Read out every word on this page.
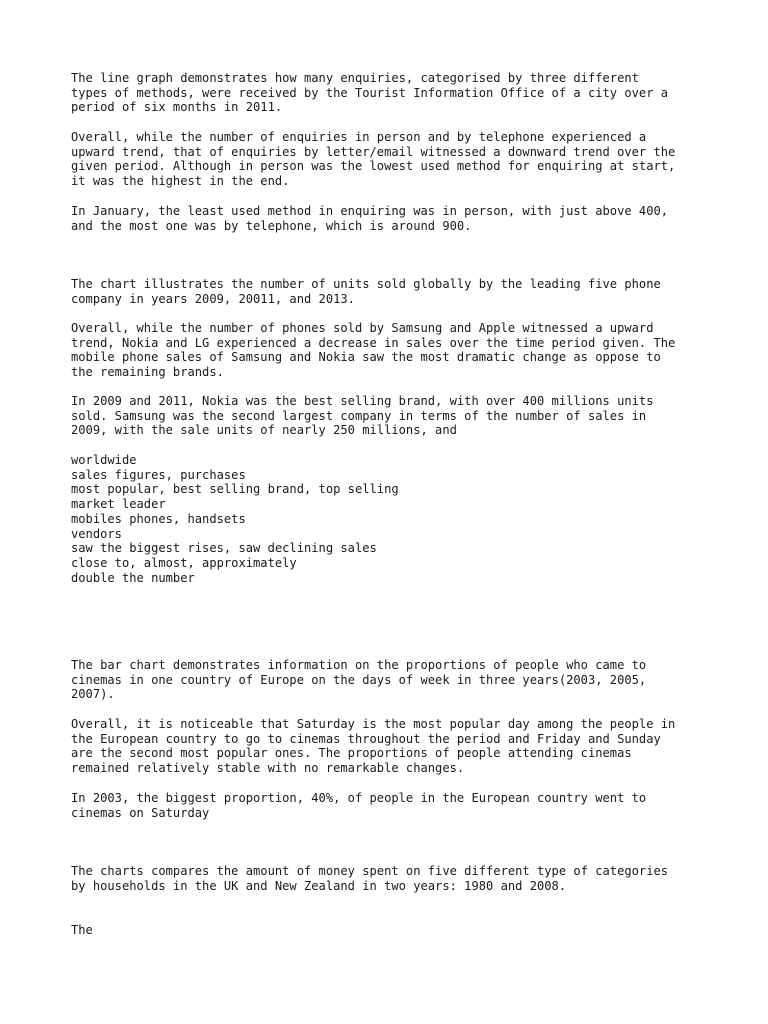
The line graph demonstrates how many enquiries, categorised by three different
types of methods, were received by the Tourist Information Office of a city over a
period of six months in 2011.

Overall, while the number of enquiries in person and by telephone experienced a
upward trend, that of enquiries by letter/email witnessed a downward trend over the
given period. Although in person was the lowest used method for enquiring at start,
it was the highest in the end.

In January, the least used method in enquiring was in person, with just above 400,
and the most one was by telephone, which is around 900.

The chart illustrates the number of units sold globally by the leading five phone
company in years 2009, 20011, and 2013.

Overall, while the number of phones sold by Samsung and Apple witnessed a upward
trend, Nokia and LG experienced a decrease in sales over the time period given. The
mobile phone sales of Samsung and Nokia saw the most dramatic change as oppose to
the remaining brands.

In 2009 and 2011, Nokia was the best selling brand, with over 400 millions units
sold. Samsung was the second largest company in terms of the number of sales in
2009, with the sale units of nearly 250 millions, and

worldwide

sales figures, purchases

most popular, best selling brand, top selling

market leader

mobiles phones, handsets

vendors

saw the biggest rises, saw declining sales

close to, almost, approximately

double the number

The bar chart demonstrates information on the proportions of people who came to
cinemas in one country of Europe on the days of week in three years(2003, 2005,
2007).

Overall, it is noticeable that Saturday is the most popular day among the people in
the European country to go to cinemas throughout the period and Friday and Sunday
are the second most popular ones. The proportions of people attending cinemas
remained relatively stable with no remarkable changes.

In 2003, the biggest proportion, 40%, of people in the European country went to
cinemas on Saturday

The charts compares the amount of money spent on five different type of categories
by households in the UK and New Zealand in two years: 1980 and 2008.

The
